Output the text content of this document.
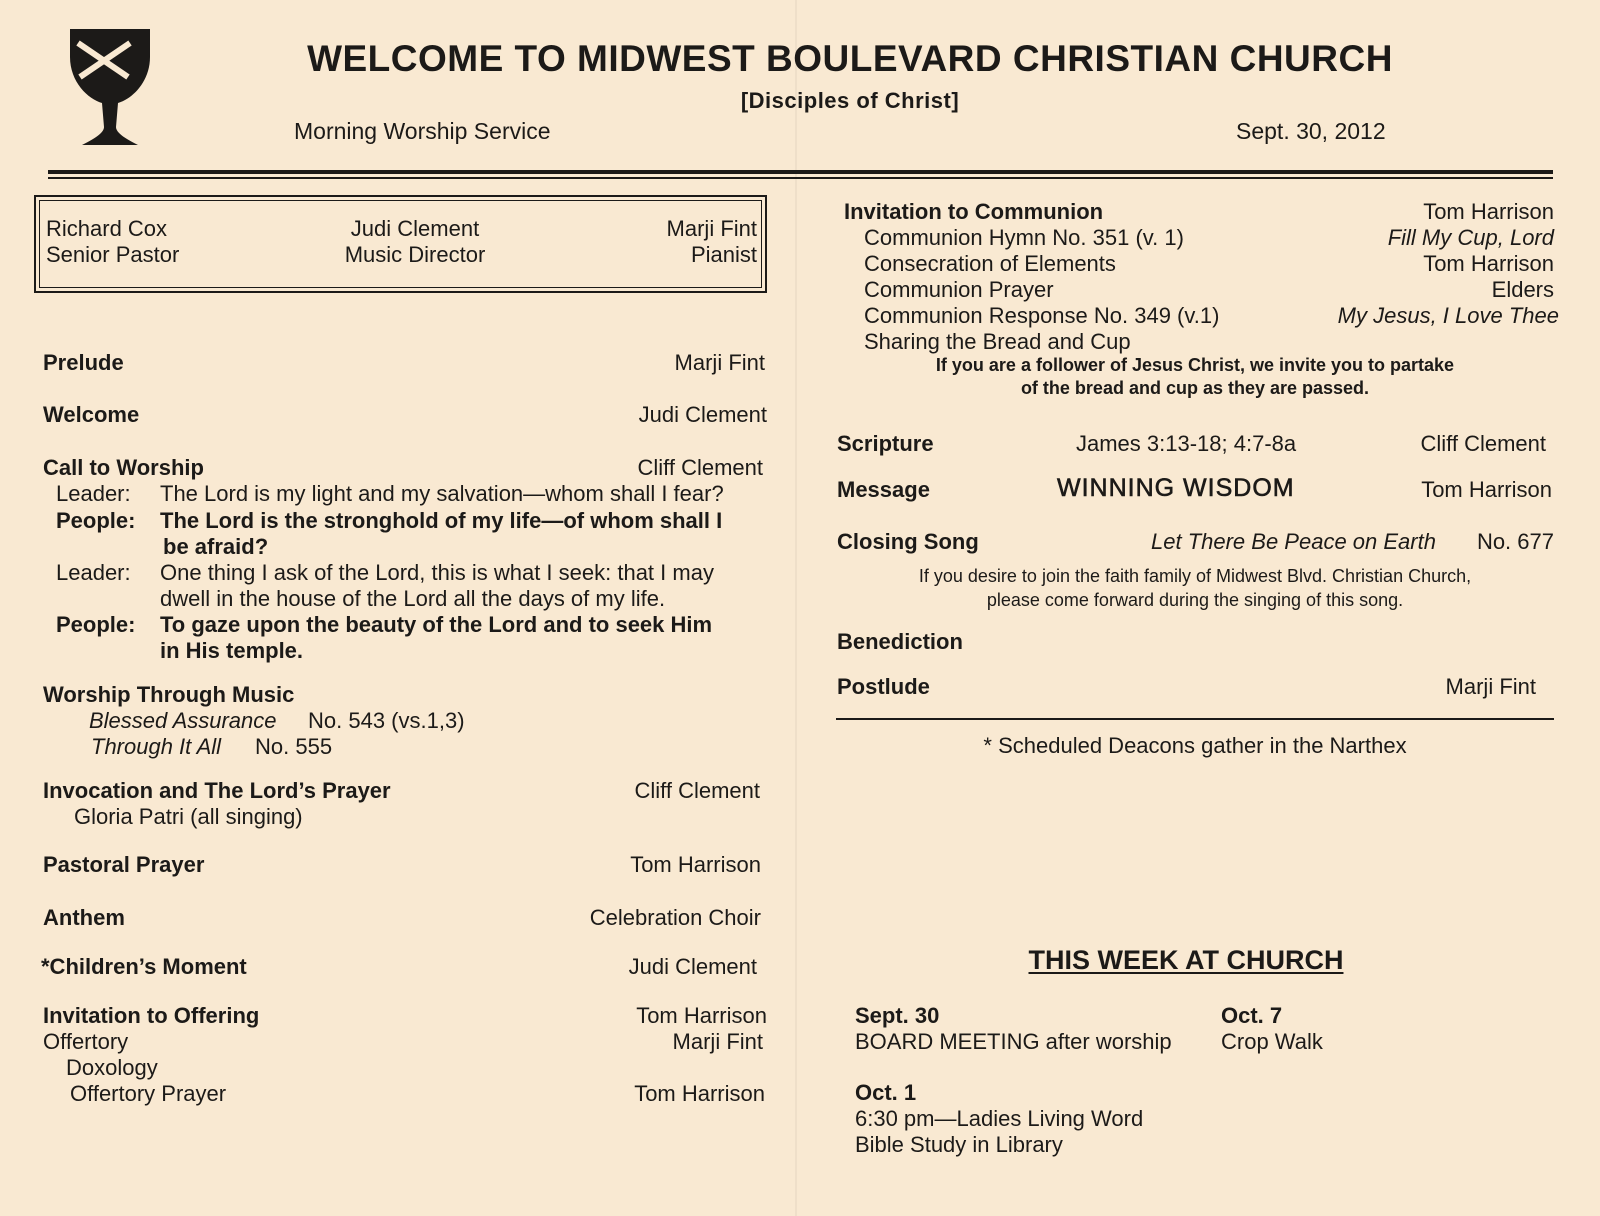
WELCOME TO MIDWEST BOULEVARD CHRISTIAN CHURCH
[Disciples of Christ]
Morning Worship Service	Sept. 30, 2012
Richard Cox
Senior Pastor
Judi Clement
Music Director
Marji Fint
Pianist
Prelude	Marji Fint
Welcome	Judi Clement
Call to Worship	Cliff Clement
Leader: The Lord is my light and my salvation—whom shall I fear?
People: The Lord is the stronghold of my life—of whom shall I
be afraid?
Leader: One thing I ask of the Lord, this is what I seek: that I may
dwell in the house of the Lord all the days of my life.
People: To gaze upon the beauty of the Lord and to seek Him
in His temple.
Worship Through Music
Blessed Assurance No. 543 (vs.1,3)
Through It All No. 555
Invocation and The Lord’s Prayer	Cliff Clement
Gloria Patri (all singing)
Pastoral Prayer	Tom Harrison
Anthem	Celebration Choir
*Children’s Moment	Judi Clement
Invitation to Offering	Tom Harrison
Offertory	Marji Fint
Doxology
Offertory Prayer	Tom Harrison
Invitation to Communion	Tom Harrison
Communion Hymn No. 351 (v. 1)	Fill My Cup, Lord
Consecration of Elements	Tom Harrison
Communion Prayer	Elders
Communion Response No. 349 (v.1)	My Jesus, I Love Thee
Sharing the Bread and Cup
If you are a follower of Jesus Christ, we invite you to partake
of the bread and cup as they are passed.
Scripture	James 3:13-18; 4:7-8a	Cliff Clement
Message	WINNING WISDOM	Tom Harrison
Closing Song	Let There Be Peace on Earth	No. 677
If you desire to join the faith family of Midwest Blvd. Christian Church,
please come forward during the singing of this song.
Benediction
Postlude	Marji Fint
* Scheduled Deacons gather in the Narthex
THIS WEEK AT CHURCH
Sept. 30
BOARD MEETING after worship
Oct. 7
Crop Walk
Oct. 1
6:30 pm—Ladies Living Word
Bible Study in Library
